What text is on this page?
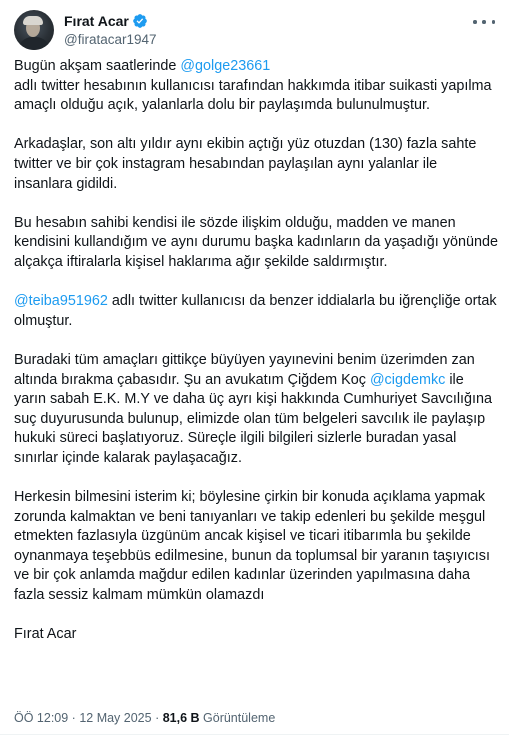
Fırat Acar
@firatacar1947

Bugün akşam saatlerinde @golge23661
adlı twitter hesabının kullanıcısı tarafından hakkımda itibar suikasti yapılma amaçlı olduğu açık, yalanlarla dolu bir paylaşımda bulunulmuştur.

Arkadaşlar, son altı yıldır aynı ekibin açtığı yüz otuzdan (130) fazla sahte twitter ve bir çok instagram hesabından paylaşılan aynı yalanlar ile insanlara gidildi.

Bu hesabın sahibi kendisi ile sözde ilişkim olduğu, madden ve manen kendisini kullandığım ve aynı durumu başka kadınların da yaşadığı yönünde alçakça iftiralarla kişisel haklarıma ağır şekilde saldırmıştır.

@teiba951962 adlı twitter kullanıcısı da benzer iddialarla bu iğrençliğe ortak olmuştur.

Buradaki tüm amaçları gittikçe büyüyen yayınevini benim üzerimden zan altında bırakma çabasıdır. Şu an avukatım Çiğdem Koç @cigdemkc ile yarın sabah E.K. M.Y ve daha üç ayrı kişi hakkında Cumhuriyet Savcılığına suç duyurusunda bulunup, elimizde olan tüm belgeleri savcılık ile paylaşıp hukuki süreci başlatıyoruz. Süreçle ilgili bilgileri sizlerle buradan yasal sınırlar içinde kalarak paylaşacağız.

Herkesin bilmesini isterim ki; böylesine çirkin bir konuda açıklama yapmak zorunda kalmaktan ve beni tanıyanları ve takip edenleri bu şekilde meşgul etmekten fazlasıyla üzgünüm ancak kişisel ve ticari itibarımla bu şekilde oynanmaya teşebbüs edilmesine, bunun da toplumsal bir yaranın taşıyıcısı ve bir çok anlamda mağdur edilen kadınlar üzerinden yapılmasına daha fazla sessiz kalmam mümkün olamazdı

Fırat Acar

ÖÖ 12:09 · 12 May 2025 · 81,6 B Görüntüleme
